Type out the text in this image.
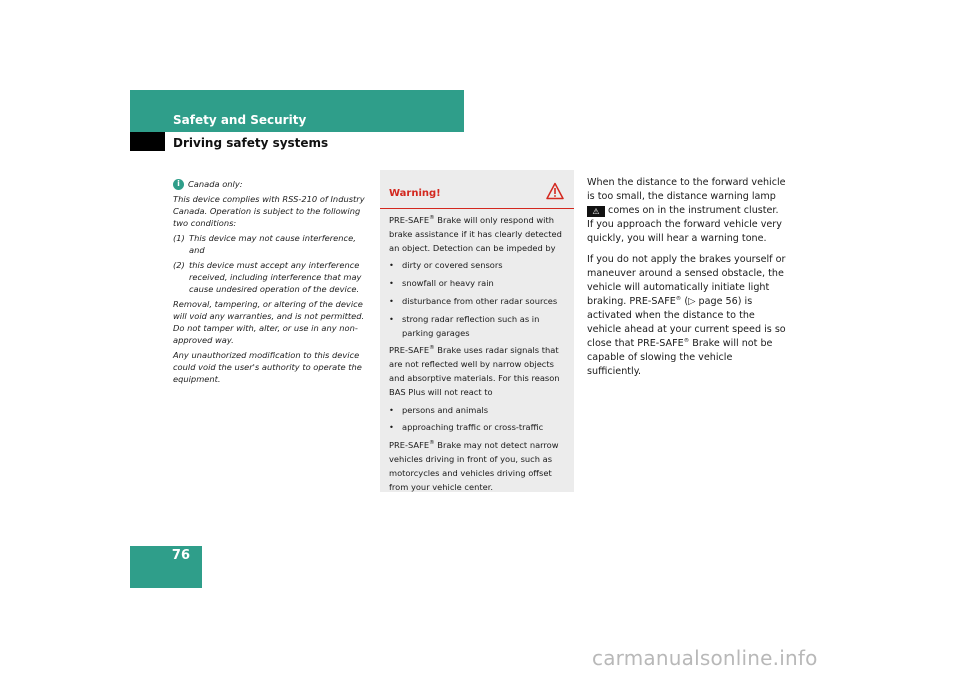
Safety and Security
Driving safety systems

i Canada only:

This device complies with RSS-210 of Industry Canada. Operation is subject to the following two conditions:

(1) This device may not cause interference, and
(2) this device must accept any interference received, including interference that may cause undesired operation of the device.

Removal, tampering, or altering of the device will void any warranties, and is not permitted. Do not tamper with, alter, or use in any non-approved way.

Any unauthorized modification to this device could void the user's authority to operate the equipment.

Warning!

PRE-SAFE® Brake will only respond with brake assistance if it has clearly detected an object. Detection can be impeded by

• dirty or covered sensors
• snowfall or heavy rain
• disturbance from other radar sources
• strong radar reflection such as in parking garages

PRE-SAFE® Brake uses radar signals that are not reflected well by narrow objects and absorptive materials. For this reason BAS Plus will not react to

• persons and animals
• approaching traffic or cross-traffic

PRE-SAFE® Brake may not detect narrow vehicles driving in front of you, such as motorcycles and vehicles driving offset from your vehicle center.

When the distance to the forward vehicle is too small, the distance warning lamp ⚠ comes on in the instrument cluster. If you approach the forward vehicle very quickly, you will hear a warning tone.

If you do not apply the brakes yourself or maneuver around a sensed obstacle, the vehicle will automatically initiate light braking. PRE-SAFE® (▷ page 56) is activated when the distance to the vehicle ahead at your current speed is so close that PRE-SAFE® Brake will not be capable of slowing the vehicle sufficiently.

76
carmanualsonline.info
